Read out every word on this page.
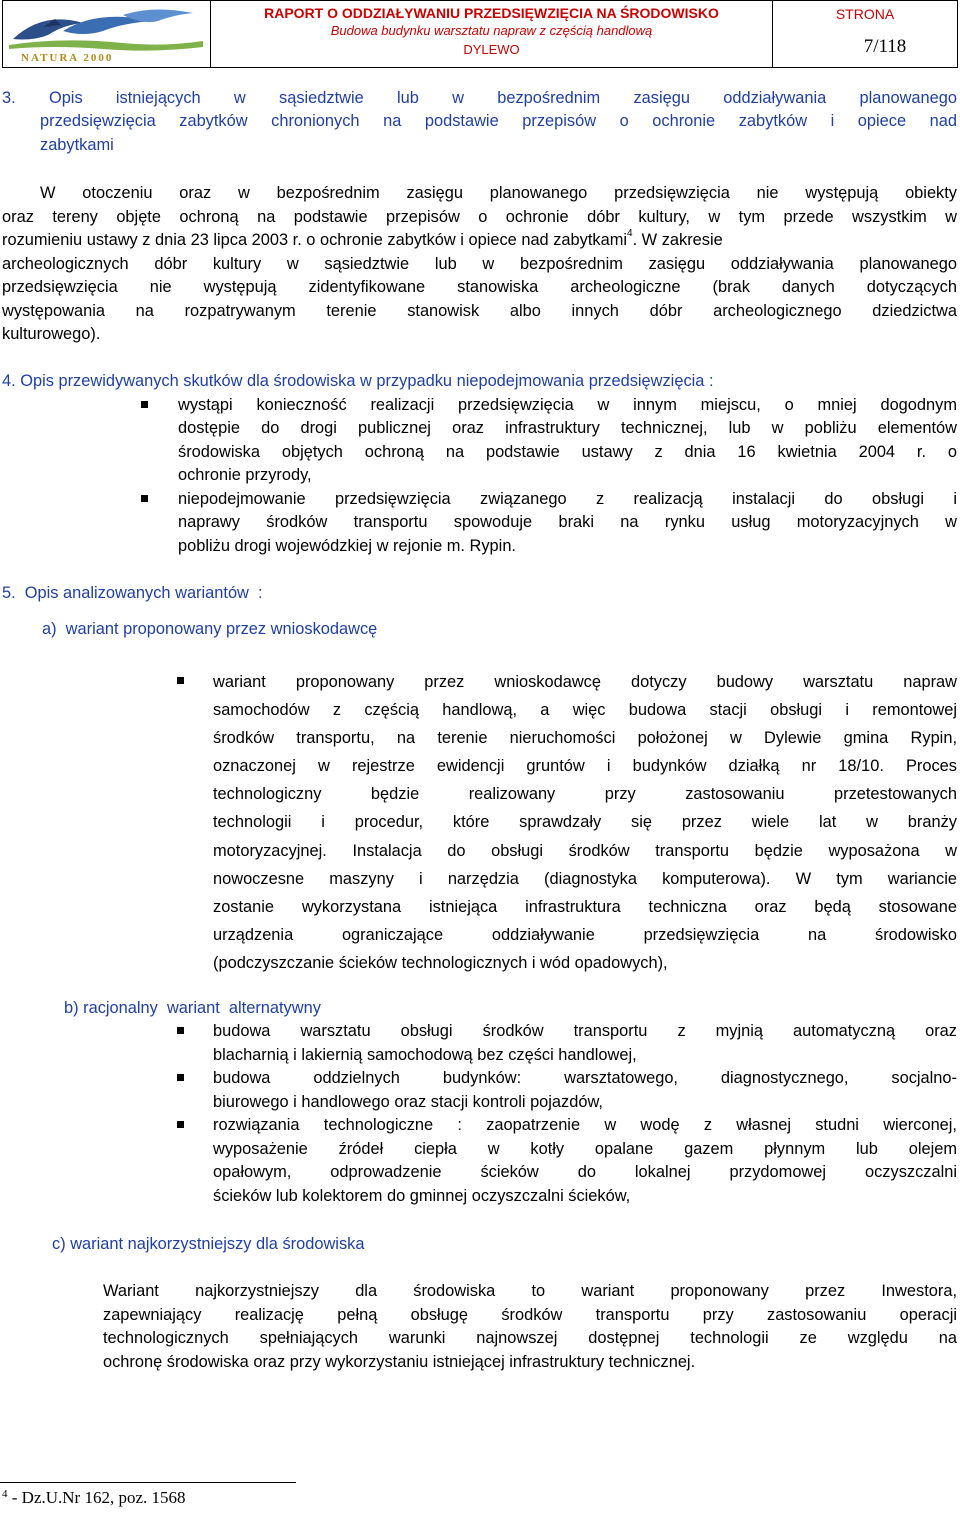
NATURA 2000
RAPORT O ODDZIAŁYWANIU PRZEDSIĘWZIĘCIA NA ŚRODOWISKO
Budowa budynku warsztatu napraw z częścią handlową
DYLEWO
STRONA
7/118
3. Opis istniejących w sąsiedztwie lub w bezpośrednim zasięgu oddziaływania planowanego
przedsięwzięcia zabytków chronionych na podstawie przepisów o ochronie zabytków i opiece nad
zabytkami
W otoczeniu oraz w bezpośrednim zasięgu planowanego przedsięwzięcia nie występują obiekty
oraz tereny objęte ochroną na podstawie przepisów o ochronie dóbr kultury, w tym przede wszystkim w
rozumieniu ustawy z dnia 23 lipca 2003 r. o ochronie zabytków i opiece nad zabytkami$^4$. W zakresie
archeologicznych dóbr kultury w sąsiedztwie lub w bezpośrednim zasięgu oddziaływania planowanego
przedsięwzięcia nie występują zidentyfikowane stanowiska archeologiczne (brak danych dotyczących
występowania na rozpatrywanym terenie stanowisk albo innych dóbr archeologicznego dziedzictwa
kulturowego).
4. Opis przewidywanych skutków dla środowiska w przypadku niepodejmowania przedsięwzięcia :
wystąpi konieczność realizacji przedsięwzięcia w innym miejscu, o mniej dogodnym
dostępie do drogi publicznej oraz infrastruktury technicznej, lub w pobliżu elementów
środowiska objętych ochroną na podstawie ustawy z dnia 16 kwietnia 2004 r. o
ochronie przyrody,
niepodejmowanie przedsięwzięcia związanego z realizacją instalacji do obsługi i
naprawy środków transportu spowoduje braki na rynku usług motoryzacyjnych w
pobliżu drogi wojewódzkiej w rejonie m. Rypin.
5.  Opis analizowanych wariantów  :
a)  wariant proponowany przez wnioskodawcę
wariant proponowany przez wnioskodawcę dotyczy budowy warsztatu napraw
samochodów z częścią handlową, a więc budowa stacji obsługi i remontowej
środków transportu, na terenie nieruchomości położonej w Dylewie gmina Rypin,
oznaczonej w rejestrze ewidencji gruntów i budynków działką nr 18/10. Proces
technologiczny będzie realizowany przy zastosowaniu przetestowanych
technologii i procedur, które sprawdzały się przez wiele lat w branży
motoryzacyjnej. Instalacja do obsługi środków transportu będzie wyposażona w
nowoczesne maszyny i narzędzia (diagnostyka komputerowa). W tym wariancie
zostanie wykorzystana istniejąca infrastruktura techniczna oraz będą stosowane
urządzenia ograniczające oddziaływanie przedsięwzięcia na środowisko
(podczyszczanie ścieków technologicznych i wód opadowych),
b) racjonalny  wariant  alternatywny
budowa warsztatu obsługi środków transportu z myjnią automatyczną oraz
blacharnią i lakiernią samochodową bez części handlowej,
budowa oddzielnych budynków: warsztatowego, diagnostycznego, socjalno-
biurowego i handlowego oraz stacji kontroli pojazdów,
rozwiązania technologiczne : zaopatrzenie w wodę z własnej studni wierconej,
wyposażenie źródeł ciepła w kotły opalane gazem płynnym lub olejem
opałowym, odprowadzenie ścieków do lokalnej przydomowej oczyszczalni
ścieków lub kolektorem do gminnej oczyszczalni ścieków,
c) wariant najkorzystniejszy dla środowiska
Wariant najkorzystniejszy dla środowiska to wariant proponowany przez Inwestora,
zapewniający realizację pełną obsługę środków transportu przy zastosowaniu operacji
technologicznych spełniających warunki najnowszej dostępnej technologii ze względu na
ochronę środowiska oraz przy wykorzystaniu istniejącej infrastruktury technicznej.
$^4$ - Dz.U.Nr 162, poz. 1568
